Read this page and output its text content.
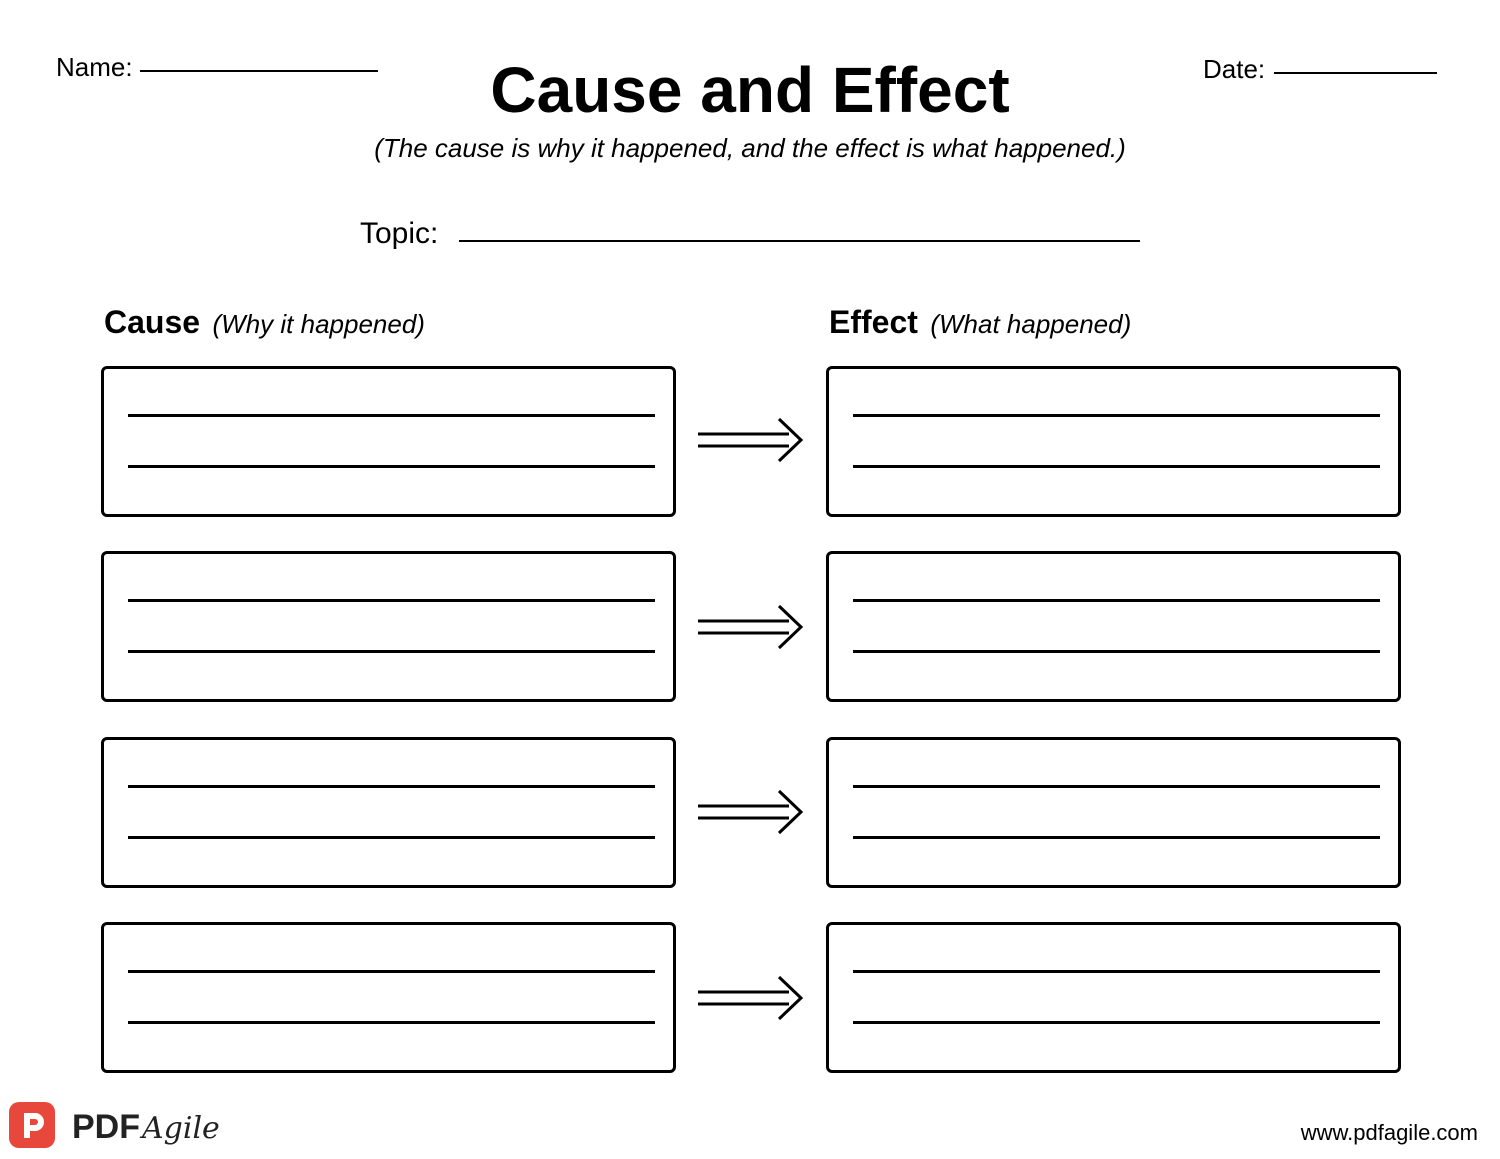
Name:	Cause and Effect
(The cause is why it happened, and the effect is what happened.)
Date:
Topic:
Cause (Why it happened)	Effect (What happened)
PDFAgile	www.pdfagile.com
